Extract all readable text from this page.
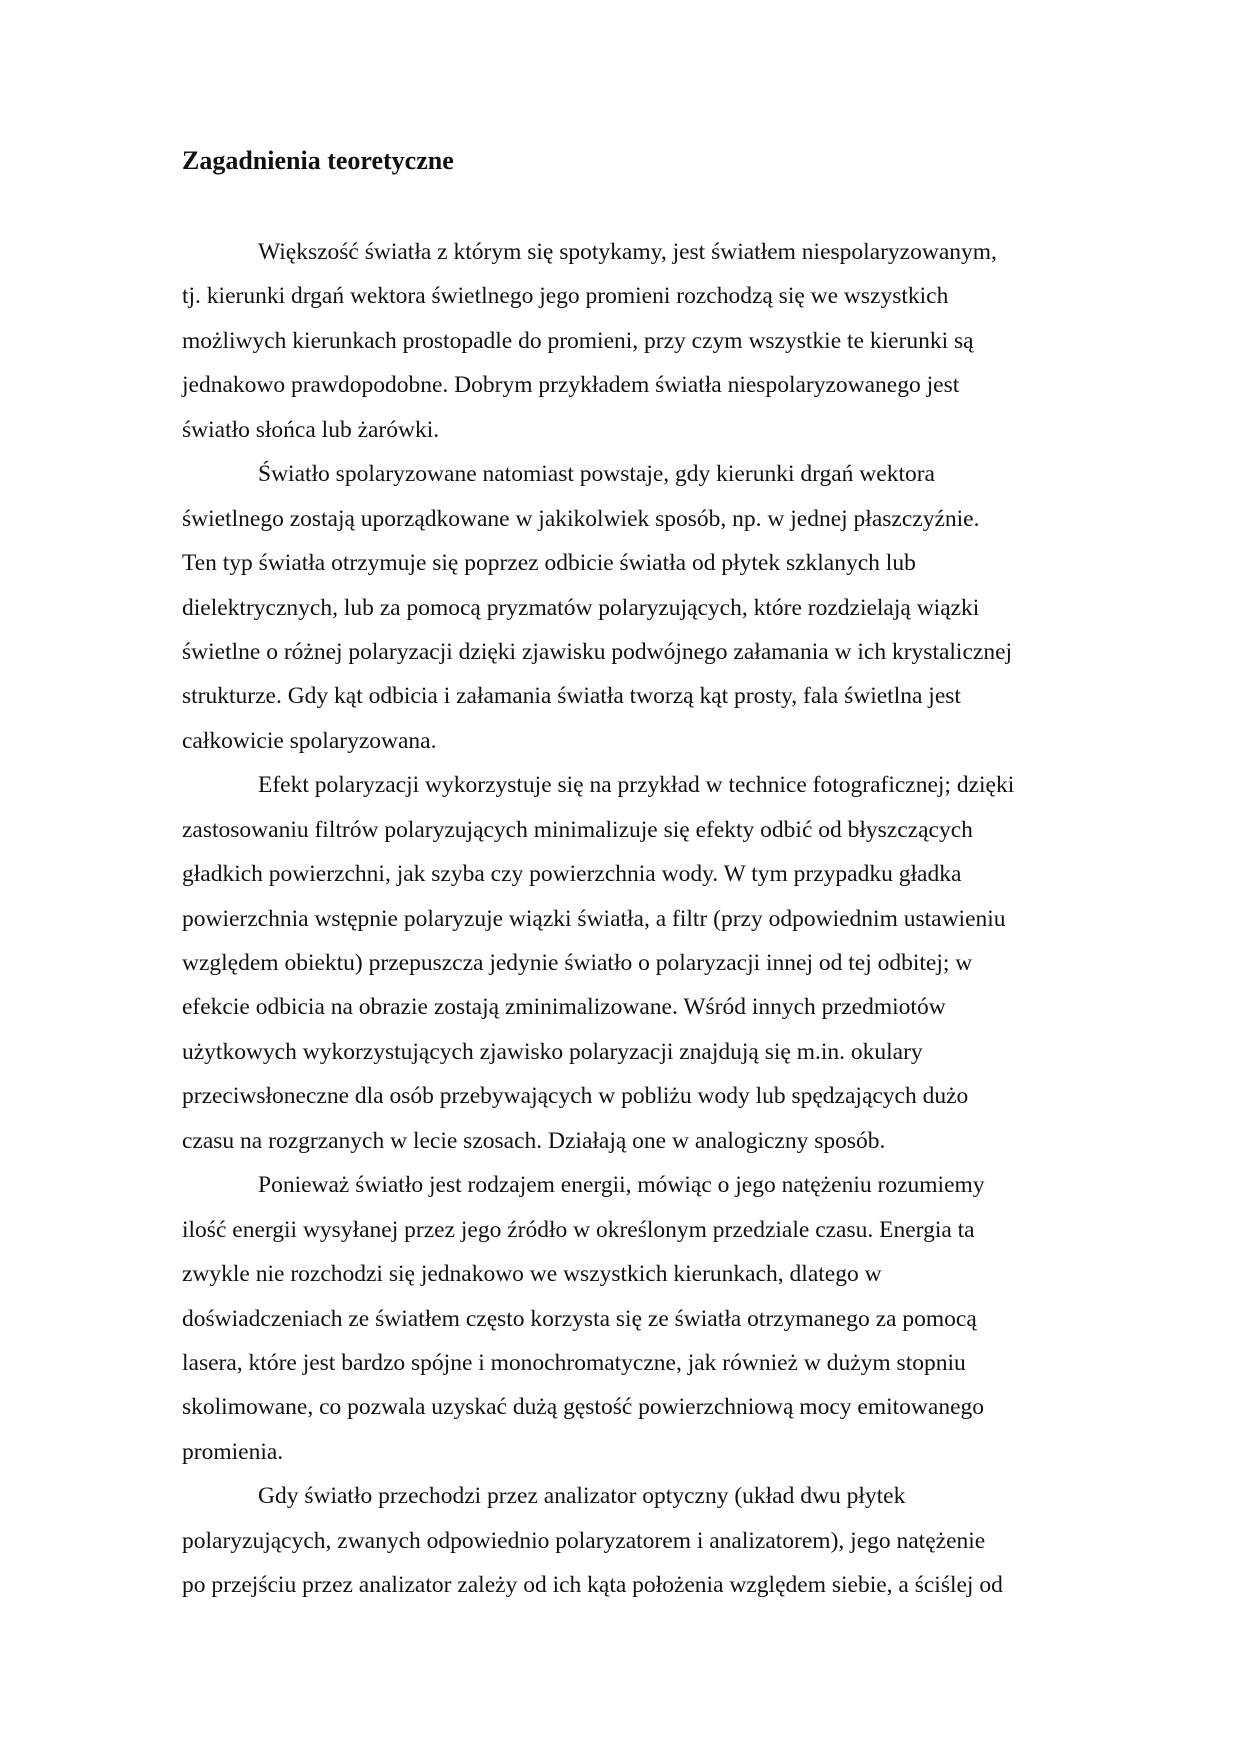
Zagadnienia teoretyczne
Większość światła z którym się spotykamy, jest światłem niespolaryzowanym,
tj. kierunki drgań wektora świetlnego jego promieni rozchodzą się we wszystkich
możliwych kierunkach prostopadle do promieni, przy czym wszystkie te kierunki są
jednakowo prawdopodobne. Dobrym przykładem światła niespolaryzowanego jest
światło słońca lub żarówki.
Światło spolaryzowane natomiast powstaje, gdy kierunki drgań wektora
świetlnego zostają uporządkowane w jakikolwiek sposób, np. w jednej płaszczyźnie.
Ten typ światła otrzymuje się poprzez odbicie światła od płytek szklanych lub
dielektrycznych, lub za pomocą pryzmatów polaryzujących, które rozdzielają wiązki
świetlne o różnej polaryzacji dzięki zjawisku podwójnego załamania w ich krystalicznej
strukturze. Gdy kąt odbicia i załamania światła tworzą kąt prosty, fala świetlna jest
całkowicie spolaryzowana.
Efekt polaryzacji wykorzystuje się na przykład w technice fotograficznej; dzięki
zastosowaniu filtrów polaryzujących minimalizuje się efekty odbić od błyszczących
gładkich powierzchni, jak szyba czy powierzchnia wody. W tym przypadku gładka
powierzchnia wstępnie polaryzuje wiązki światła, a filtr (przy odpowiednim ustawieniu
względem obiektu) przepuszcza jedynie światło o polaryzacji innej od tej odbitej; w
efekcie odbicia na obrazie zostają zminimalizowane. Wśród innych przedmiotów
użytkowych wykorzystujących zjawisko polaryzacji znajdują się m.in. okulary
przeciwsłoneczne dla osób przebywających w pobliżu wody lub spędzających dużo
czasu na rozgrzanych w lecie szosach. Działają one w analogiczny sposób.
Ponieważ światło jest rodzajem energii, mówiąc o jego natężeniu rozumiemy
ilość energii wysyłanej przez jego źródło w określonym przedziale czasu. Energia ta
zwykle nie rozchodzi się jednakowo we wszystkich kierunkach, dlatego w
doświadczeniach ze światłem często korzysta się ze światła otrzymanego za pomocą
lasera, które jest bardzo spójne i monochromatyczne, jak również w dużym stopniu
skolimowane, co pozwala uzyskać dużą gęstość powierzchniową mocy emitowanego
promienia.
Gdy światło przechodzi przez analizator optyczny (układ dwu płytek
polaryzujących, zwanych odpowiednio polaryzatorem i analizatorem), jego natężenie
po przejściu przez analizator zależy od ich kąta położenia względem siebie, a ściślej od
